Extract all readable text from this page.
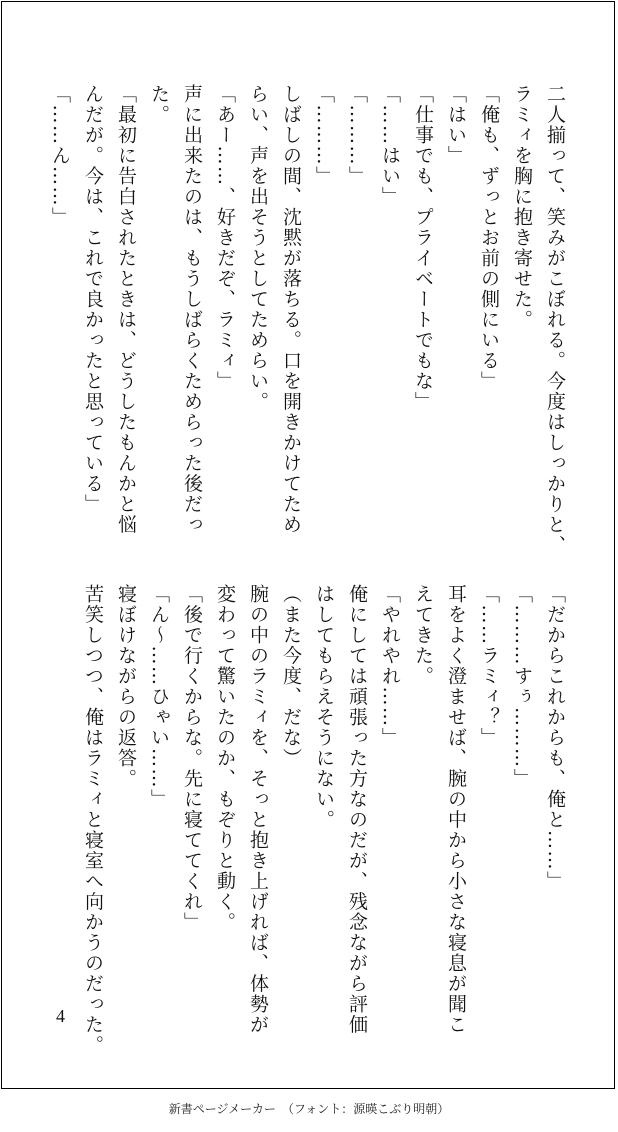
二人揃って、笑みがこぼれる。今度はしっかりと、
ラミィを胸に抱き寄せた。
「俺も、ずっとお前の側にいる」
「はい」
「仕事でも、プライベートでもな」
「……はい」
「………」
「………」
しばしの間、沈黙が落ちる。口を開きかけてため
らい、声を出そうとしてためらい。
「あー……、好きだぞ、ラミィ」
声に出来たのは、もうしばらくためらった後だっ
た。
「最初に告白されたときは、どうしたもんかと悩
んだが。今は、これで良かったと思っている」
「……ん……」
「だからこれからも、俺と……」
「………すぅ………」
「……ラミィ？」
耳をよく澄ませば、腕の中から小さな寝息が聞こ
えてきた。
「やれやれ……」
俺にしては頑張った方なのだが、残念ながら評価
はしてもらえそうにない。
（また今度、だな）
腕の中のラミィを、そっと抱き上げれば、体勢が
変わって驚いたのか、もぞりと動く。
「後で行くからな。先に寝ててくれ」
「ん～……ひゃい……」
寝ぼけながらの返答。
苦笑しつつ、俺はラミィと寝室へ向かうのだった。
4
新書ページメーカー　（フォント：源暎こぶり明朝）
